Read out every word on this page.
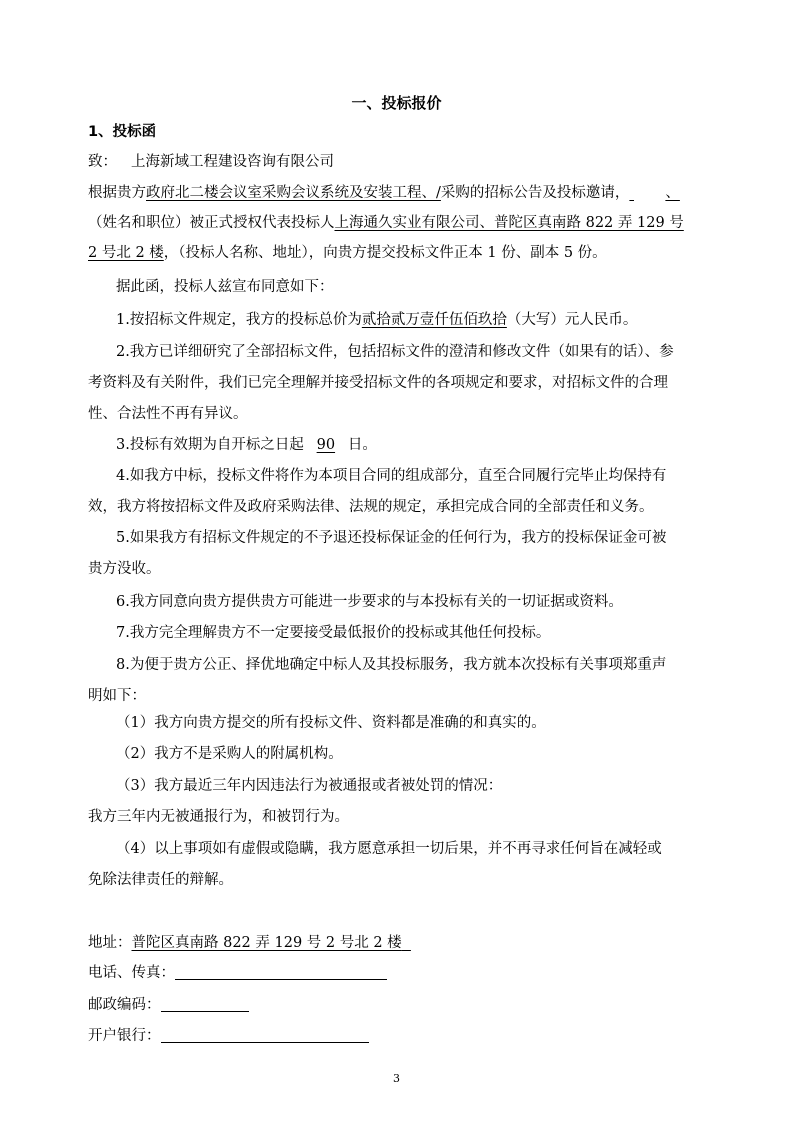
一、投标报价
1、投标函
致： 上海新域工程建设咨询有限公司
根据贵方政府北二楼会议室采购会议系统及安装工程、/采购的招标公告及投标邀请， 、
（姓名和职位）被正式授权代表投标人上海通久实业有限公司、普陀区真南路 822 弄 129 号
2 号北 2 楼，（投标人名称、地址），向贵方提交投标文件正本 1 份、副本 5 份。
据此函，投标人兹宣布同意如下：
1.按招标文件规定，我方的投标总价为贰拾贰万壹仟伍佰玖拾（大写）元人民币。
2.我方已详细研究了全部招标文件，包括招标文件的澄清和修改文件（如果有的话）、参
考资料及有关附件，我们已完全理解并接受招标文件的各项规定和要求，对招标文件的合理
性、合法性不再有异议。
3.投标有效期为自开标之日起 90 日。
4.如我方中标，投标文件将作为本项目合同的组成部分，直至合同履行完毕止均保持有
效，我方将按招标文件及政府采购法律、法规的规定，承担完成合同的全部责任和义务。
5.如果我方有招标文件规定的不予退还投标保证金的任何行为，我方的投标保证金可被
贵方没收。
6.我方同意向贵方提供贵方可能进一步要求的与本投标有关的一切证据或资料。
7.我方完全理解贵方不一定要接受最低报价的投标或其他任何投标。
8.为便于贵方公正、择优地确定中标人及其投标服务，我方就本次投标有关事项郑重声
明如下：
（1）我方向贵方提交的所有投标文件、资料都是准确的和真实的。
（2）我方不是采购人的附属机构。
（3）我方最近三年内因违法行为被通报或者被处罚的情况：
我方三年内无被通报行为，和被罚行为。
（4）以上事项如有虚假或隐瞒，我方愿意承担一切后果，并不再寻求任何旨在减轻或
免除法律责任的辩解。
地址：普陀区真南路 822 弄 129 号 2 号北 2 楼
电话、传真：
邮政编码：
开户银行：
3
